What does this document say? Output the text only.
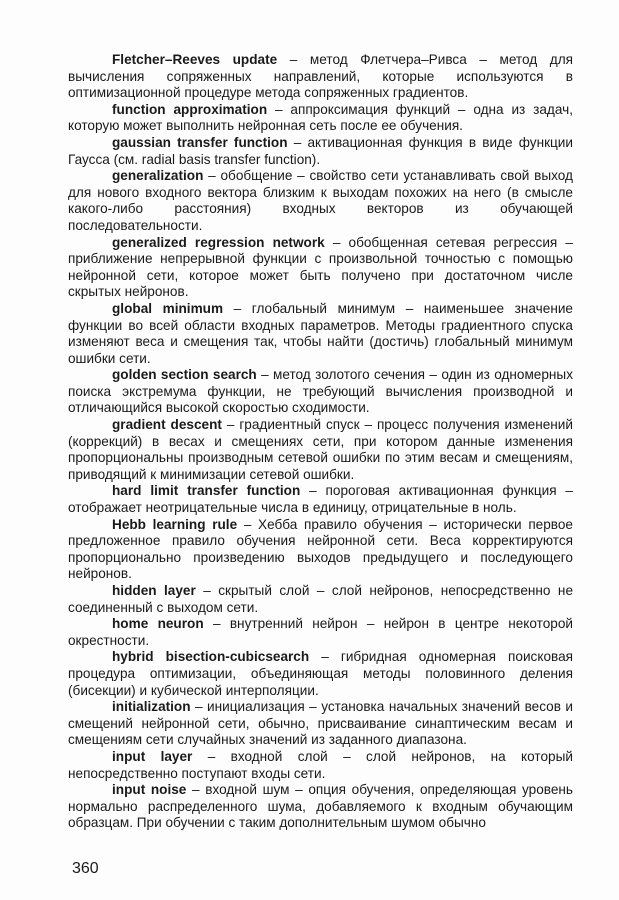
Fletcher–Reeves update – метод Флетчера–Ривса – метод для вычисления сопряженных направлений, которые используются в оптимизационной процедуре метода сопряженных градиентов.

function approximation – аппроксимация функций – одна из задач, которую может выполнить нейронная сеть после ее обучения.

gaussian transfer function – активационная функция в виде функции Гаусса (см. radial basis transfer function).

generalization – обобщение – свойство сети устанавливать свой выход для нового входного вектора близким к выходам похожих на него (в смысле какого-либо расстояния) входных векторов из обучающей последовательности.

generalized regression network – обобщенная сетевая регрессия – приближение непрерывной функции с произвольной точностью с помощью нейронной сети, которое может быть получено при достаточном числе скрытых нейронов.

global minimum – глобальный минимум – наименьшее значение функции во всей области входных параметров. Методы градиентного спуска изменяют веса и смещения так, чтобы найти (достичь) глобальный минимум ошибки сети.

golden section search – метод золотого сечения – один из одномерных поиска экстремума функции, не требующий вычисления производной и отличающийся высокой скоростью сходимости.

gradient descent – градиентный спуск – процесс получения изменений (коррекций) в весах и смещениях сети, при котором данные изменения пропорциональны производным сетевой ошибки по этим весам и смещениям, приводящий к минимизации сетевой ошибки.

hard limit transfer function – пороговая активационная функция – отображает неотрицательные числа в единицу, отрицательные в ноль.

Hebb learning rule – Хебба правило обучения – исторически первое предложенное правило обучения нейронной сети. Веса корректируются пропорционально произведению выходов предыдущего и последующего нейронов.

hidden layer – скрытый слой – слой нейронов, непосредственно не соединенный с выходом сети.

home neuron – внутренний нейрон – нейрон в центре некоторой окрестности.

hybrid bisection-cubicsearch – гибридная одномерная поисковая процедура оптимизации, объединяющая методы половинного деления (бисекции) и кубической интерполяции.

initialization – инициализация – установка начальных значений весов и смещений нейронной сети, обычно, присваивание синаптическим весам и смещениям сети случайных значений из заданного диапазона.

input layer – входной слой – слой нейронов, на который непосредственно поступают входы сети.

input noise – входной шум – опция обучения, определяющая уровень нормально распределенного шума, добавляемого к входным обучающим образцам. При обучении с таким дополнительным шумом обычно

360
